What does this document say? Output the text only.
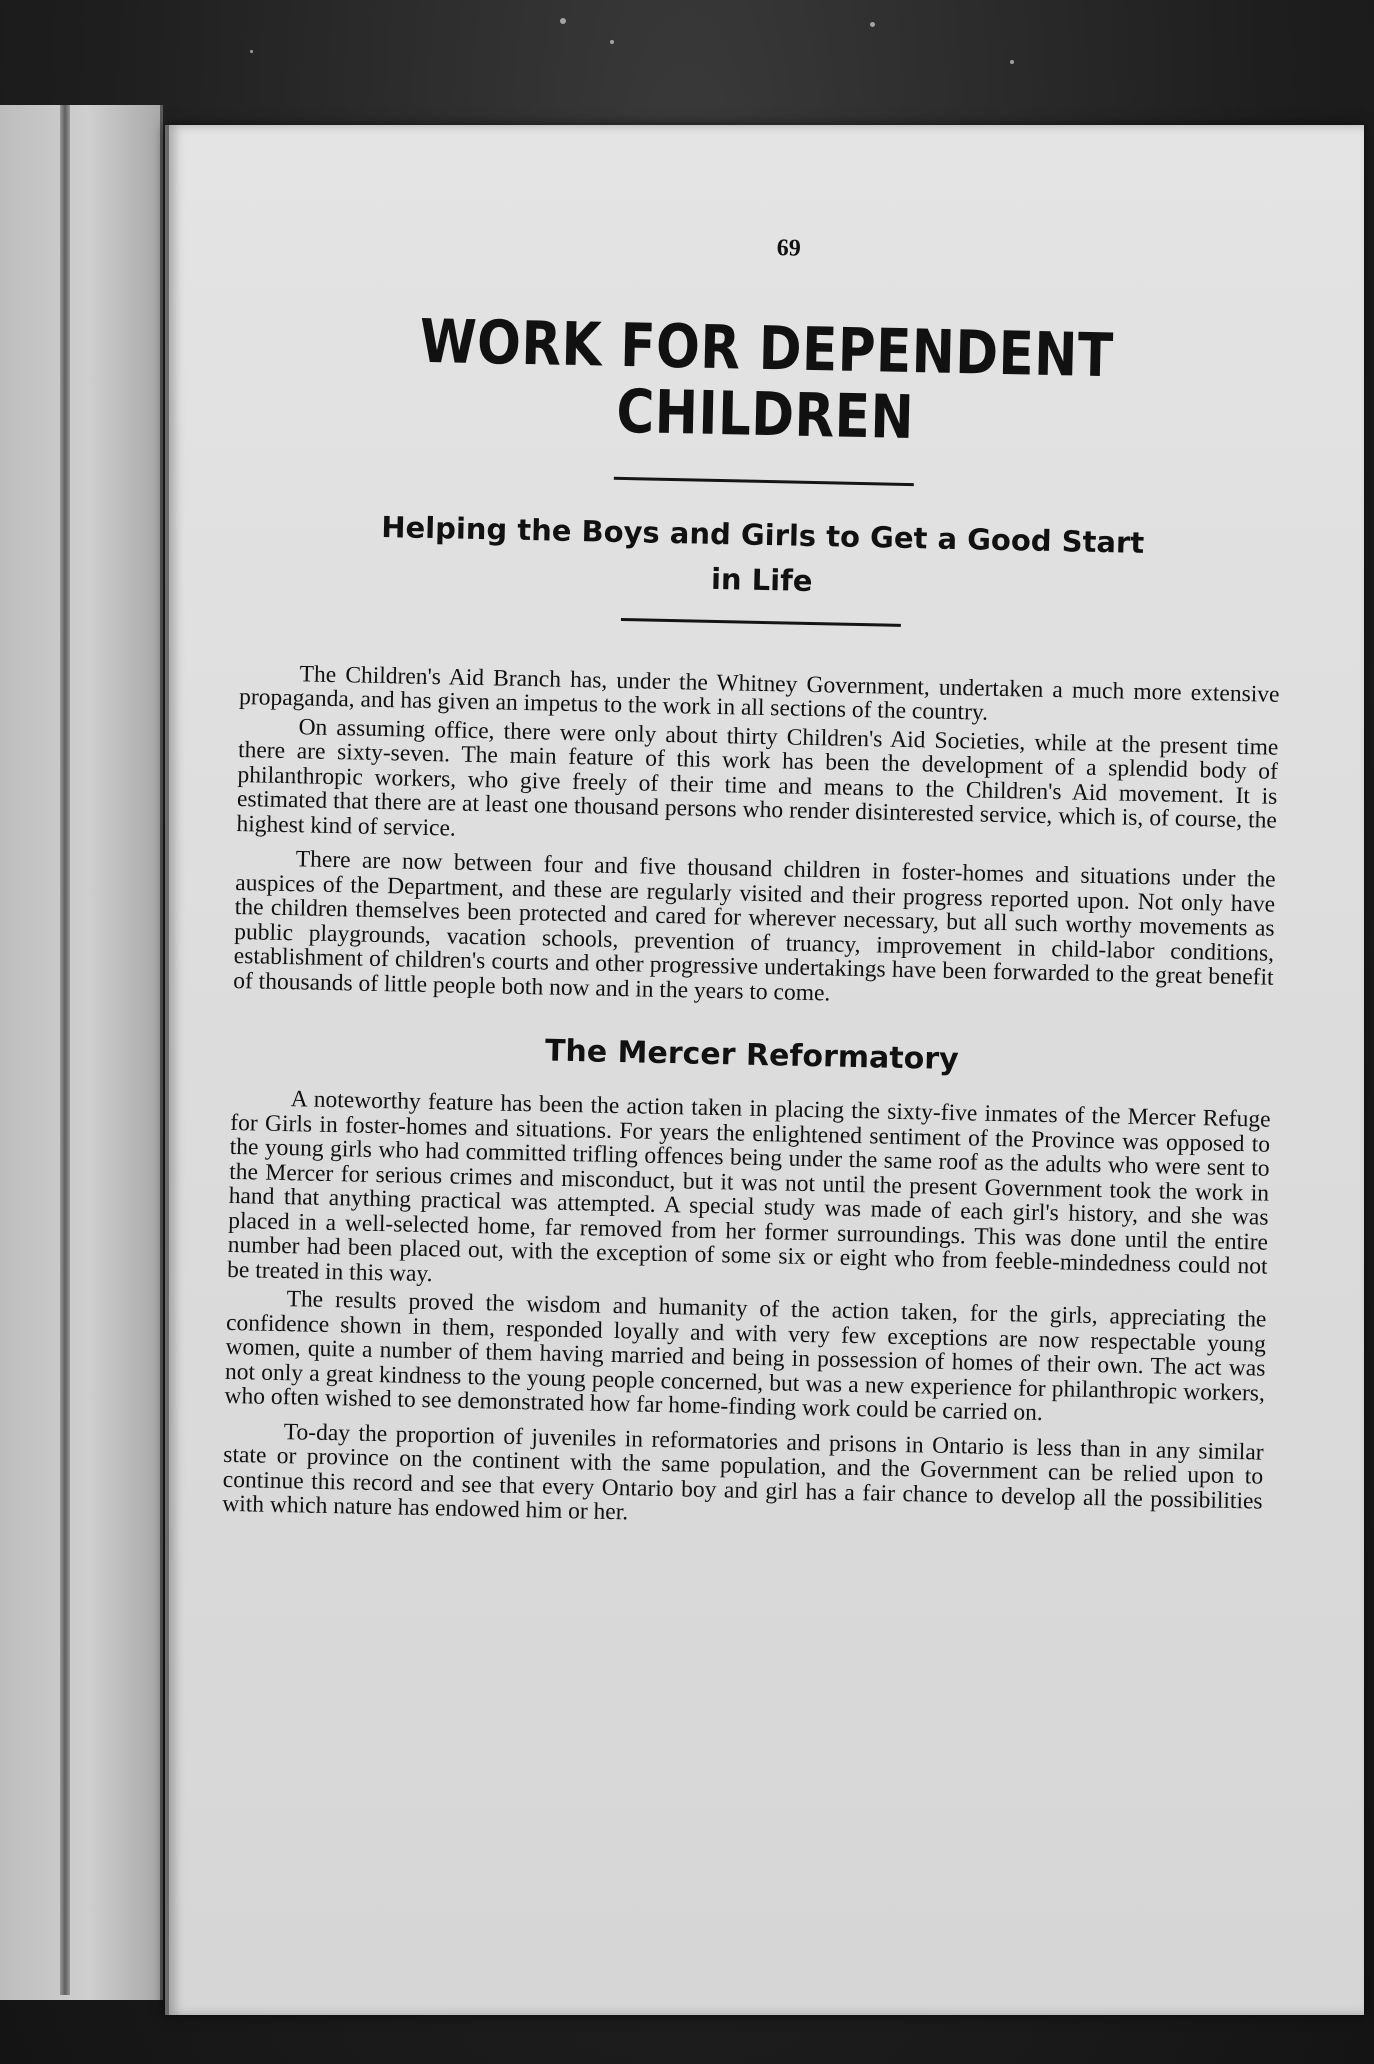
69
WORK FOR DEPENDENT CHILDREN

Helping the Boys and Girls to Get a Good Start
in Life

The Children's Aid Branch has, under the Whitney Government, undertaken a much more extensive propaganda, and has given an impetus to the work in all sections of the country.

On assuming office, there were only about thirty Children's Aid Societies, while at the present time there are sixty-seven. The main feature of this work has been the development of a splendid body of philanthropic workers, who give freely of their time and means to the Children's Aid movement. It is estimated that there are at least one thousand persons who render disinterested service, which is, of course, the highest kind of service.

There are now between four and five thousand children in foster-homes and situations under the auspices of the Department, and these are regularly visited and their progress reported upon. Not only have the children themselves been protected and cared for wherever necessary, but all such worthy movements as public playgrounds, vacation schools, prevention of truancy, improvement in child-labor conditions, establishment of children's courts and other progressive undertakings have been forwarded to the great benefit of thousands of little people both now and in the years to come.

The Mercer Reformatory

A noteworthy feature has been the action taken in placing the sixty-five inmates of the Mercer Refuge for Girls in foster-homes and situations. For years the enlightened sentiment of the Province was opposed to the young girls who had committed trifling offences being under the same roof as the adults who were sent to the Mercer for serious crimes and misconduct, but it was not until the present Government took the work in hand that anything practical was attempted. A special study was made of each girl's history, and she was placed in a well-selected home, far removed from her former surroundings. This was done until the entire number had been placed out, with the exception of some six or eight who from feeble-mindedness could not be treated in this way.

The results proved the wisdom and humanity of the action taken, for the girls, appreciating the confidence shown in them, responded loyally and with very few exceptions are now respectable young women, quite a number of them having married and being in possession of homes of their own. The act was not only a great kindness to the young people concerned, but was a new experience for philanthropic workers, who often wished to see demonstrated how far home-finding work could be carried on.

To-day the proportion of juveniles in reformatories and prisons in Ontario is less than in any similar state or province on the continent with the same population, and the Government can be relied upon to continue this record and see that every Ontario boy and girl has a fair chance to develop all the possibilities with which nature has endowed him or her.
